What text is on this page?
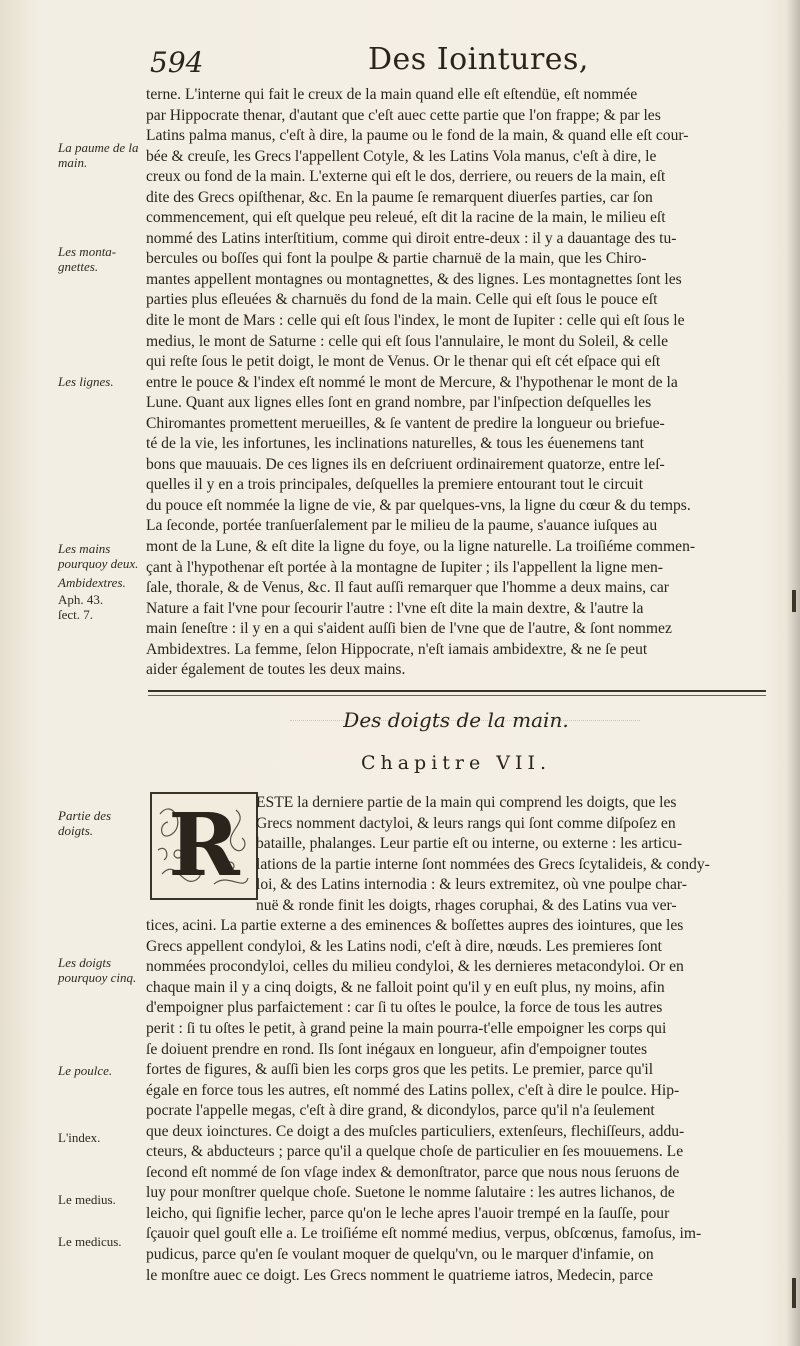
594	Des Iointures,
terne. L'interne qui fait le creux de la main quand elle eſt eſtendüe, eſt nommée
par Hippocrate thenar, d'autant que c'eſt auec cette partie que l'on frappe; & par les
Latins palma manus, c'eſt à dire, la paume ou le fond de la main, & quand elle eſt cour-
bée & creuſe, les Grecs l'appellent Cotyle, & les Latins Vola manus, c'eſt à dire, le
creux ou fond de la main. L'externe qui eſt le dos, derriere, ou reuers de la main, eſt
dite des Grecs opiſthenar, &c. En la paume ſe remarquent diuerſes parties, car ſon
commencement, qui eſt quelque peu releué, eſt dit la racine de la main, le milieu eſt
nommé des Latins interſtitium, comme qui diroit entre-deux : il y a dauantage des tu-
bercules ou boſſes qui font la poulpe & partie charnuë de la main, que les Chiro-
mantes appellent montagnes ou montagnettes, & des lignes. Les montagnettes ſont les
parties plus eſleuées & charnuës du fond de la main. Celle qui eſt ſous le pouce eſt
dite le mont de Mars : celle qui eſt ſous l'index, le mont de Iupiter : celle qui eſt ſous le
medius, le mont de Saturne : celle qui eſt ſous l'annulaire, le mont du Soleil, & celle
qui reſte ſous le petit doigt, le mont de Venus. Or le thenar qui eſt cét eſpace qui eſt
entre le pouce & l'index eſt nommé le mont de Mercure, & l'hypothenar le mont de la
Lune. Quant aux lignes elles ſont en grand nombre, par l'inſpection deſquelles les
Chiromantes promettent merueilles, & ſe vantent de predire la longueur ou briefue-
té de la vie, les infortunes, les inclinations naturelles, & tous les éuenemens tant
bons que mauuais. De ces lignes ils en deſcriuent ordinairement quatorze, entre leſ-
quelles il y en a trois principales, deſquelles la premiere entourant tout le circuit
du pouce eſt nommée la ligne de vie, & par quelques-vns, la ligne du cœur & du temps.
La ſeconde, portée tranſuerſalement par le milieu de la paume, s'auance iuſques au
mont de la Lune, & eſt dite la ligne du foye, ou la ligne naturelle. La troiſiéme commen-
çant à l'hypothenar eſt portée à la montagne de Iupiter ; ils l'appellent la ligne men-
ſale, thorale, & de Venus, &c. Il faut auſſi remarquer que l'homme a deux mains, car
Nature a fait l'vne pour ſecourir l'autre : l'vne eſt dite la main dextre, & l'autre la
main ſeneſtre : il y en a qui s'aident auſſi bien de l'vne que de l'autre, & ſont nommez
Ambidextres. La femme, ſelon Hippocrate, n'eſt iamais ambidextre, & ne ſe peut
aider également de toutes les deux mains.
La paume de la main.
Les monta-gnettes.
Les lignes.
Les mains pourquoy deux.
Ambidextres.
Aph. 43. ſect. 7.
Des doigts de la main.
Chapitre VII.
R	ESTE la derniere partie de la main qui comprend les doigts, que les
Grecs nomment dactyloi, & leurs rangs qui ſont comme diſpoſez en
bataille, phalanges. Leur partie eſt ou interne, ou externe : les articu-
lations de la partie interne ſont nommées des Grecs ſcytalideis, & condy-
loi, & des Latins internodia : & leurs extremitez, où vne poulpe char-
nuë & ronde finit les doigts, rhages coruphai, & des Latins vua ver-
tices, acini. La partie externe a des eminences & boſſettes aupres des iointures, que les
Grecs appellent condyloi, & les Latins nodi, c'eſt à dire, nœuds. Les premieres ſont
nommées procondyloi, celles du milieu condyloi, & les dernieres metacondyloi. Or en
chaque main il y a cinq doigts, & ne falloit point qu'il y en euſt plus, ny moins, afin
d'empoigner plus parfaictement : car ſi tu oſtes le poulce, la force de tous les autres
perit : ſi tu oſtes le petit, à grand peine la main pourra-t'elle empoigner les corps qui
ſe doiuent prendre en rond. Ils ſont inégaux en longueur, afin d'empoigner toutes
fortes de figures, & auſſi bien les corps gros que les petits. Le premier, parce qu'il
égale en force tous les autres, eſt nommé des Latins pollex, c'eſt à dire le poulce. Hip-
pocrate l'appelle megas, c'eſt à dire grand, & dicondylos, parce qu'il n'a ſeulement
que deux ioinctures. Ce doigt a des muſcles particuliers, extenſeurs, flechiſſeurs, addu-
cteurs, & abducteurs ; parce qu'il a quelque choſe de particulier en ſes mouuemens. Le
ſecond eſt nommé de ſon vſage index & demonſtrator, parce que nous nous ſeruons de
luy pour monſtrer quelque choſe. Suetone le nomme ſalutaire : les autres lichanos, de
leicho, qui ſignifie lecher, parce qu'on le leche apres l'auoir trempé en la ſauſſe, pour
ſçauoir quel gouſt elle a. Le troiſiéme eſt nommé medius, verpus, obſcœnus, famoſus, im-
pudicus, parce qu'en ſe voulant moquer de quelqu'vn, ou le marquer d'infamie, on
le monſtre auec ce doigt. Les Grecs nomment le quatrieme iatros, Medecin, parce
Partie des doigts.
Les doigts pourquoy cinq.
Le poulce.
L'index.
Le medius.
Le medicus.
